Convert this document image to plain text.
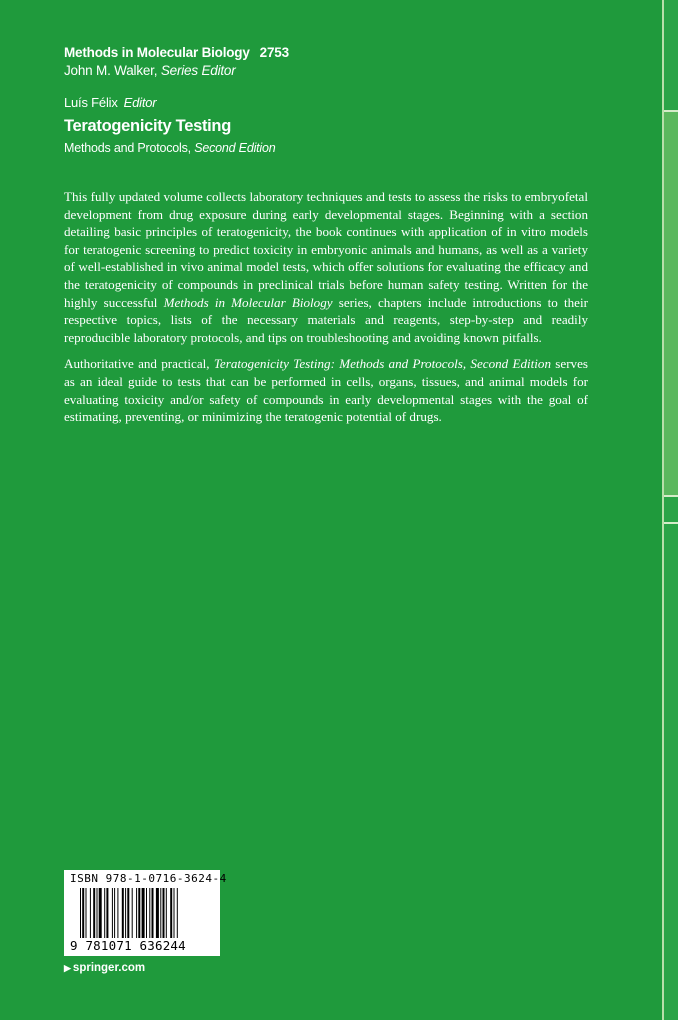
Methods in Molecular Biology 2753
John M. Walker, Series Editor
Luís Félix Editor
Teratogenicity Testing
Methods and Protocols, Second Edition

This fully updated volume collects laboratory techniques and tests to assess the risks to embryofetal development from drug exposure during early developmental stages. Beginning with a section detailing basic principles of teratogenicity, the book continues with application of in vitro models for teratogenic screening to predict toxicity in embryonic animals and humans, as well as a variety of well-established in vivo animal model tests, which offer solutions for evaluating the efficacy and the teratogenicity of compounds in preclinical trials before human safety testing. Written for the highly successful Methods in Molecular Biology series, chapters include introductions to their respective topics, lists of the necessary materials and reagents, step-by-step and readily reproducible laboratory protocols, and tips on troubleshooting and avoiding known pitfalls.

Authoritative and practical, Teratogenicity Testing: Methods and Protocols, Second Edition serves as an ideal guide to tests that can be performed in cells, organs, tissues, and animal models for evaluating toxicity and/or safety of compounds in early developmental stages with the goal of estimating, preventing, or minimizing the teratogenic potential of drugs.

ISBN 978-1-0716-3624-4
9 781071 636244
▶ springer.com
